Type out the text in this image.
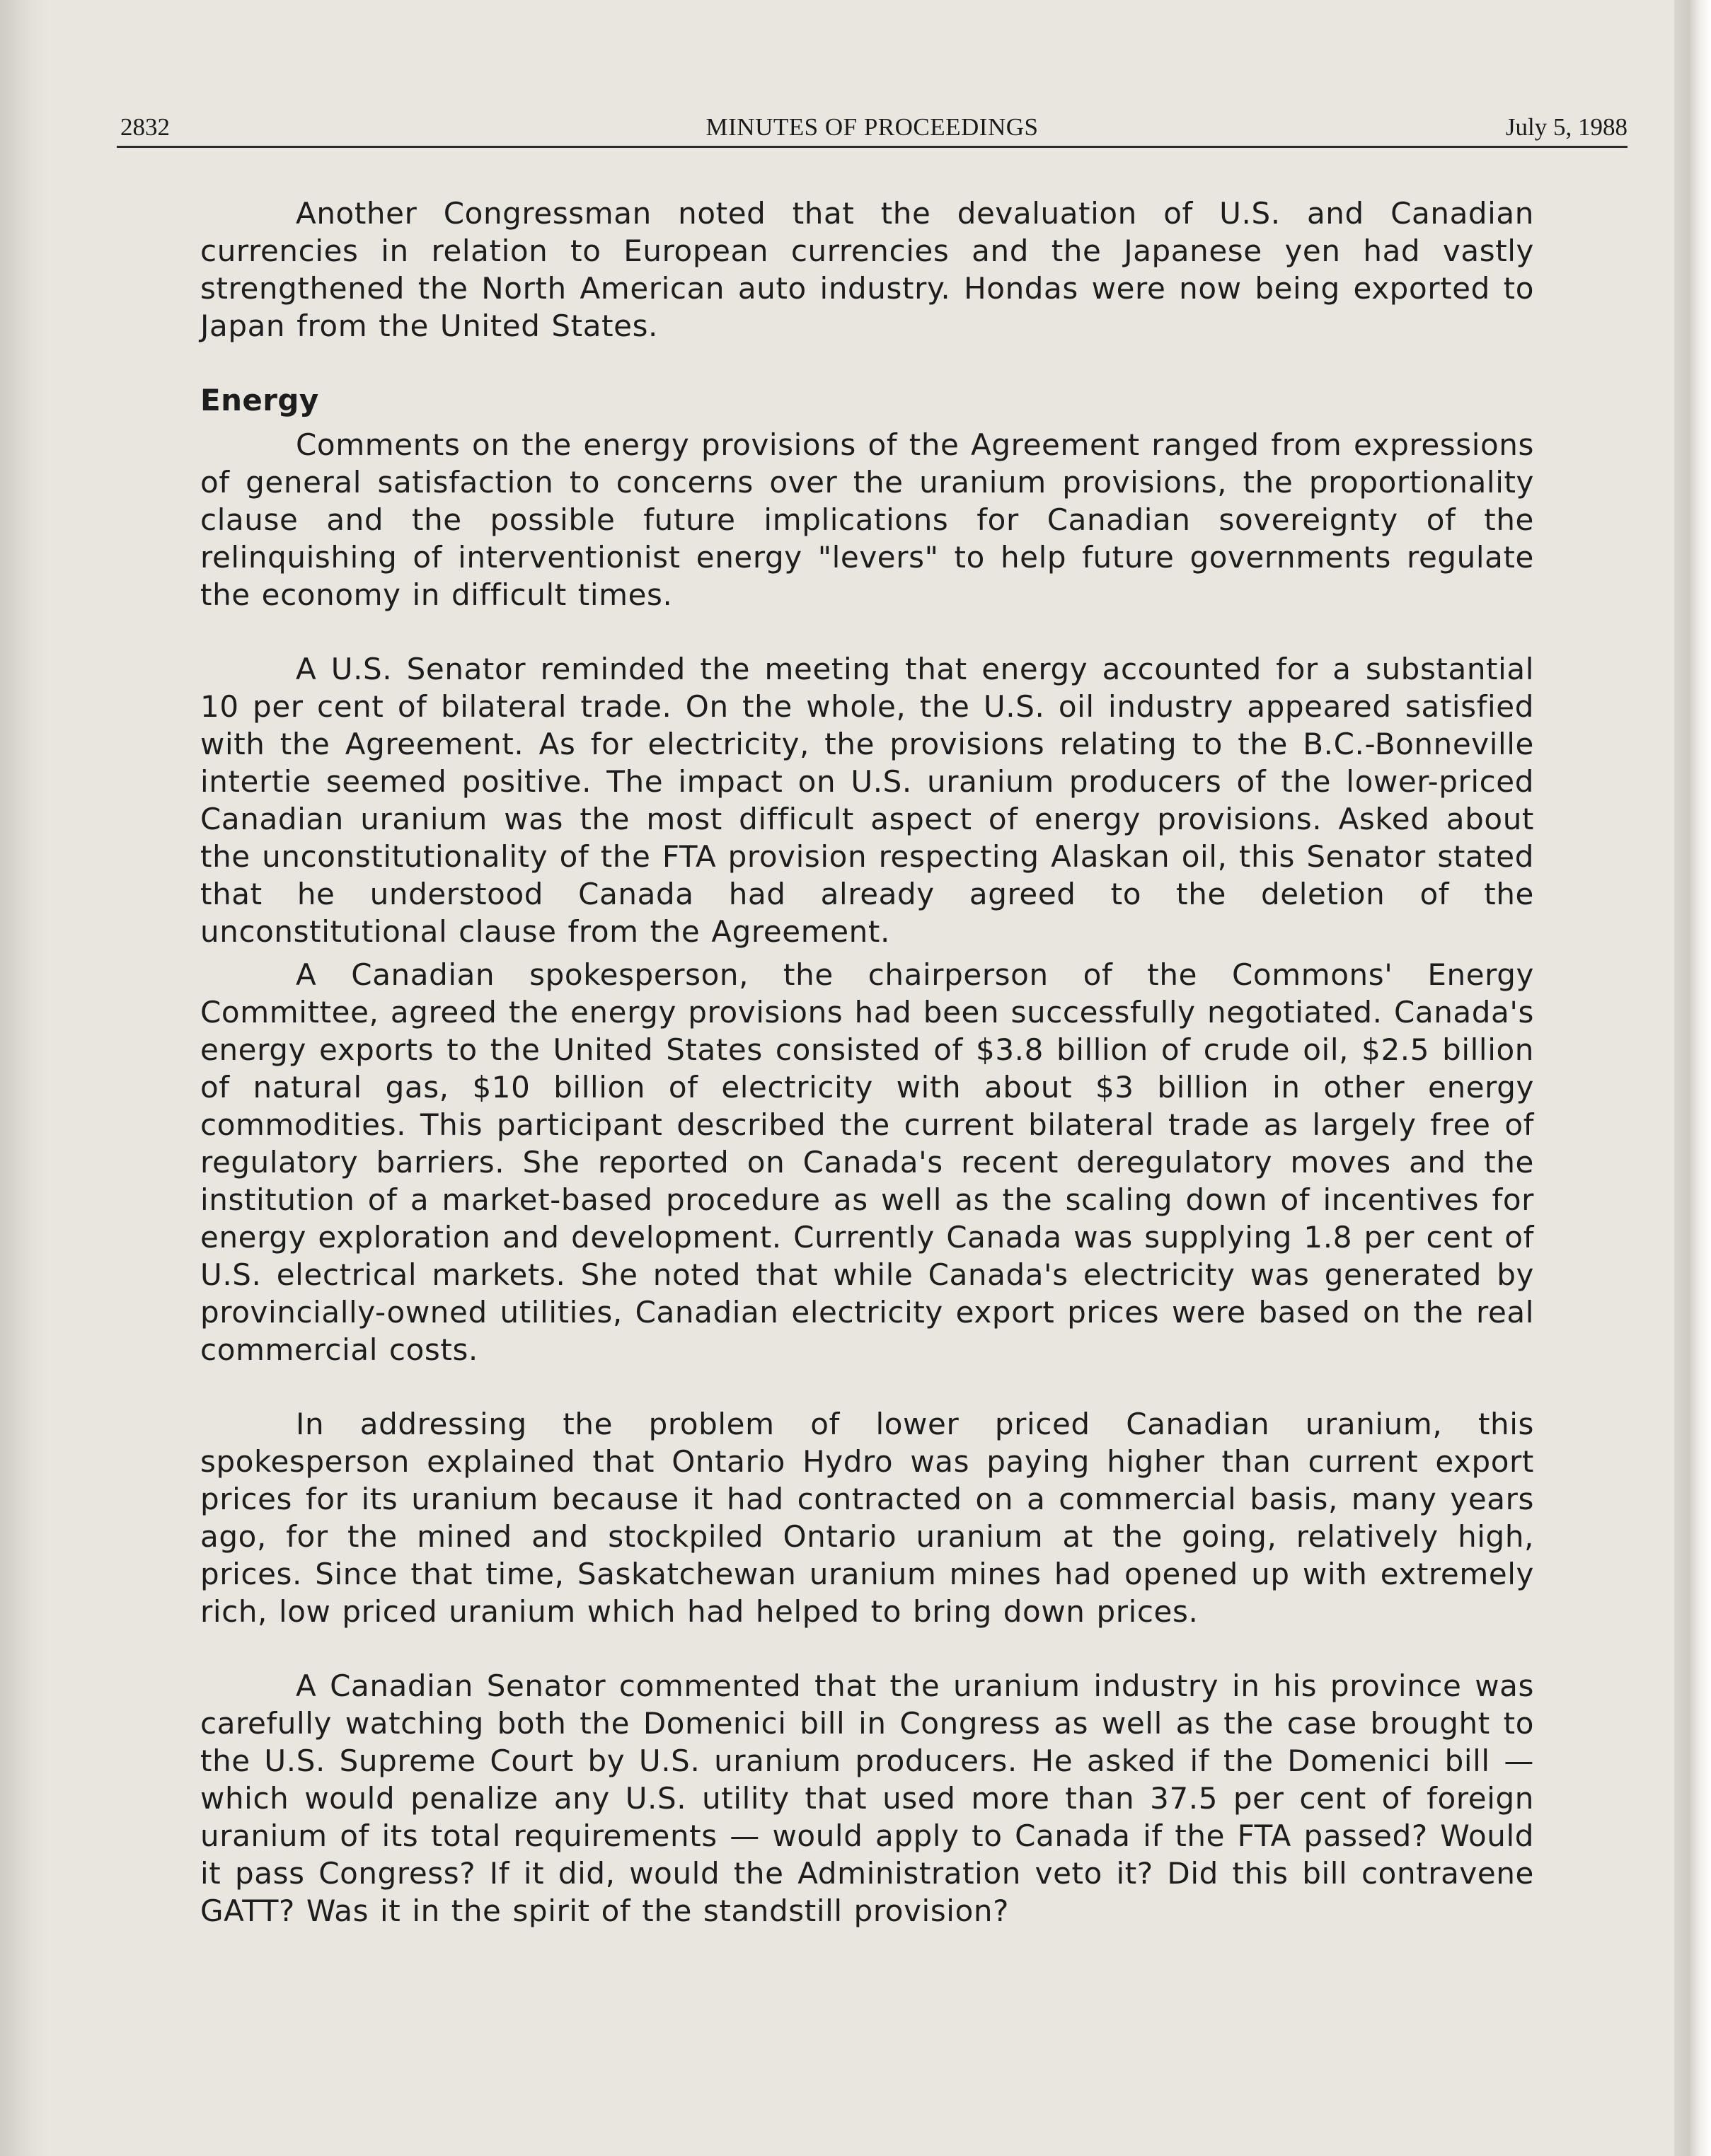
2832	MINUTES OF PROCEEDINGS	July 5, 1988

Another Congressman noted that the devaluation of U.S. and Canadian currencies in relation to European currencies and the Japanese yen had vastly strengthened the North American auto industry. Hondas were now being exported to Japan from the United States.

Energy

Comments on the energy provisions of the Agreement ranged from expressions of general satisfaction to concerns over the uranium provisions, the proportionality clause and the possible future implications for Canadian sovereignty of the relinquishing of interventionist energy "levers" to help future governments regulate the economy in difficult times.

A U.S. Senator reminded the meeting that energy accounted for a substantial 10 per cent of bilateral trade. On the whole, the U.S. oil industry appeared satisfied with the Agreement. As for electricity, the provisions relating to the B.C.-Bonneville intertie seemed positive. The impact on U.S. uranium producers of the lower-priced Canadian uranium was the most difficult aspect of energy provisions. Asked about the unconstitutionality of the FTA provision respecting Alaskan oil, this Senator stated that he understood Canada had already agreed to the deletion of the unconstitutional clause from the Agreement.

A Canadian spokesperson, the chairperson of the Commons' Energy Committee, agreed the energy provisions had been successfully negotiated. Canada's energy exports to the United States consisted of $3.8 billion of crude oil, $2.5 billion of natural gas, $10 billion of electricity with about $3 billion in other energy commodities. This participant described the current bilateral trade as largely free of regulatory barriers. She reported on Canada's recent deregulatory moves and the institution of a market-based procedure as well as the scaling down of incentives for energy exploration and development. Currently Canada was supplying 1.8 per cent of U.S. electrical markets. She noted that while Canada's electricity was generated by provincially-owned utilities, Canadian electricity export prices were based on the real commercial costs.

In addressing the problem of lower priced Canadian uranium, this spokesperson explained that Ontario Hydro was paying higher than current export prices for its uranium because it had contracted on a commercial basis, many years ago, for the mined and stockpiled Ontario uranium at the going, relatively high, prices. Since that time, Saskatchewan uranium mines had opened up with extremely rich, low priced uranium which had helped to bring down prices.

A Canadian Senator commented that the uranium industry in his province was carefully watching both the Domenici bill in Congress as well as the case brought to the U.S. Supreme Court by U.S. uranium producers. He asked if the Domenici bill — which would penalize any U.S. utility that used more than 37.5 per cent of foreign uranium of its total requirements — would apply to Canada if the FTA passed? Would it pass Congress? If it did, would the Administration veto it? Did this bill contravene GATT? Was it in the spirit of the standstill provision?
